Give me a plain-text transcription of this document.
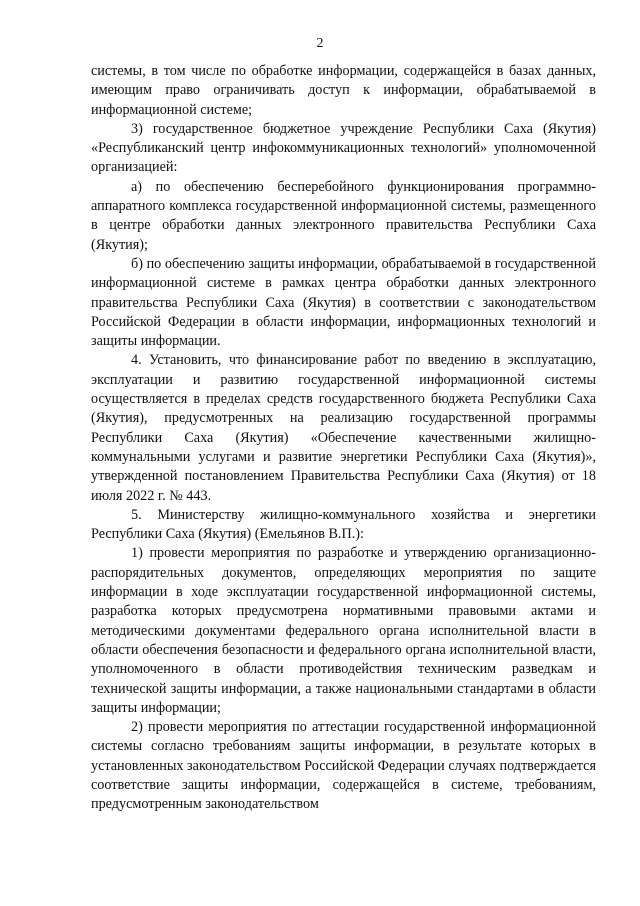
2

системы, в том числе по обработке информации, содержащейся в базах данных, имеющим право ограничивать доступ к информации, обрабатываемой в информационной системе;

3) государственное бюджетное учреждение Республики Саха (Якутия) «Республиканский центр инфокоммуникационных технологий» уполномоченной организацией:

а) по обеспечению бесперебойного функционирования программно-аппаратного комплекса государственной информационной системы, размещенного в центре обработки данных электронного правительства Республики Саха (Якутия);

б) по обеспечению защиты информации, обрабатываемой в государственной информационной системе в рамках центра обработки данных электронного правительства Республики Саха (Якутия) в соответствии с законодательством Российской Федерации в области информации, информационных технологий и защиты информации.

4. Установить, что финансирование работ по введению в эксплуатацию, эксплуатации и развитию государственной информационной системы осуществляется в пределах средств государственного бюджета Республики Саха (Якутия), предусмотренных на реализацию государственной программы Республики Саха (Якутия) «Обеспечение качественными жилищно-коммунальными услугами и развитие энергетики Республики Саха (Якутия)», утвержденной постановлением Правительства Республики Саха (Якутия) от 18 июля 2022 г. № 443.

5. Министерству жилищно-коммунального хозяйства и энергетики Республики Саха (Якутия) (Емельянов В.П.):

1) провести мероприятия по разработке и утверждению организационно-распорядительных документов, определяющих мероприятия по защите информации в ходе эксплуатации государственной информационной системы, разработка которых предусмотрена нормативными правовыми актами и методическими документами федерального органа исполнительной власти в области обеспечения безопасности и федерального органа исполнительной власти, уполномоченного в области противодействия техническим разведкам и технической защиты информации, а также национальными стандартами в области защиты информации;

2) провести мероприятия по аттестации государственной информационной системы согласно требованиям защиты информации, в результате которых в установленных законодательством Российской Федерации случаях подтверждается соответствие защиты информации, содержащейся в системе, требованиям, предусмотренным законодательством
